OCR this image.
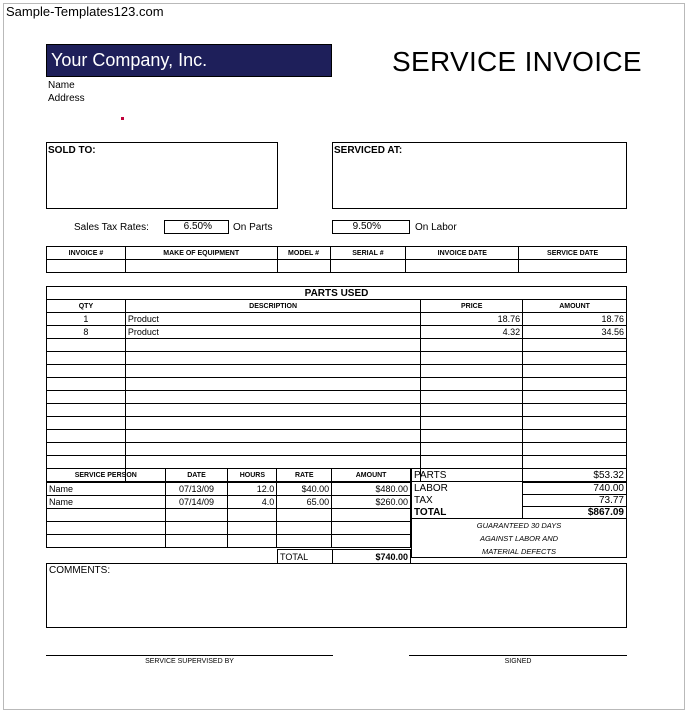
Sample-Templates123.com
Your Company, Inc.	SERVICE INVOICE
Name
Address
SOLD TO:	SERVICED AT:
Sales Tax Rates:	6.50%	On Parts	9.50%	On Labor
INVOICE #	MAKE OF EQUIPMENT	MODEL #	SERIAL #	INVOICE DATE	SERVICE DATE

PARTS USED			
QTY	DESCRIPTION	PRICE	AMOUNT
1	Product	18.76	18.76
8	Product	4.32	34.56

SERVICE PERSON	DATE	HOURS	RATE	AMOUNT
Name	07/13/09	12.0	$40.00	$480.00
Name	07/14/09	4.0	65.00	$260.00

TOTAL	$740.00
PARTS	$53.32
LABOR	740.00
TAX	73.77
TOTAL	$867.09

GUARANTEED 30 DAYS
AGAINST LABOR AND
MATERIAL DEFECTS	
COMMENTS:
SERVICE SUPERVISED BY	SIGNED
